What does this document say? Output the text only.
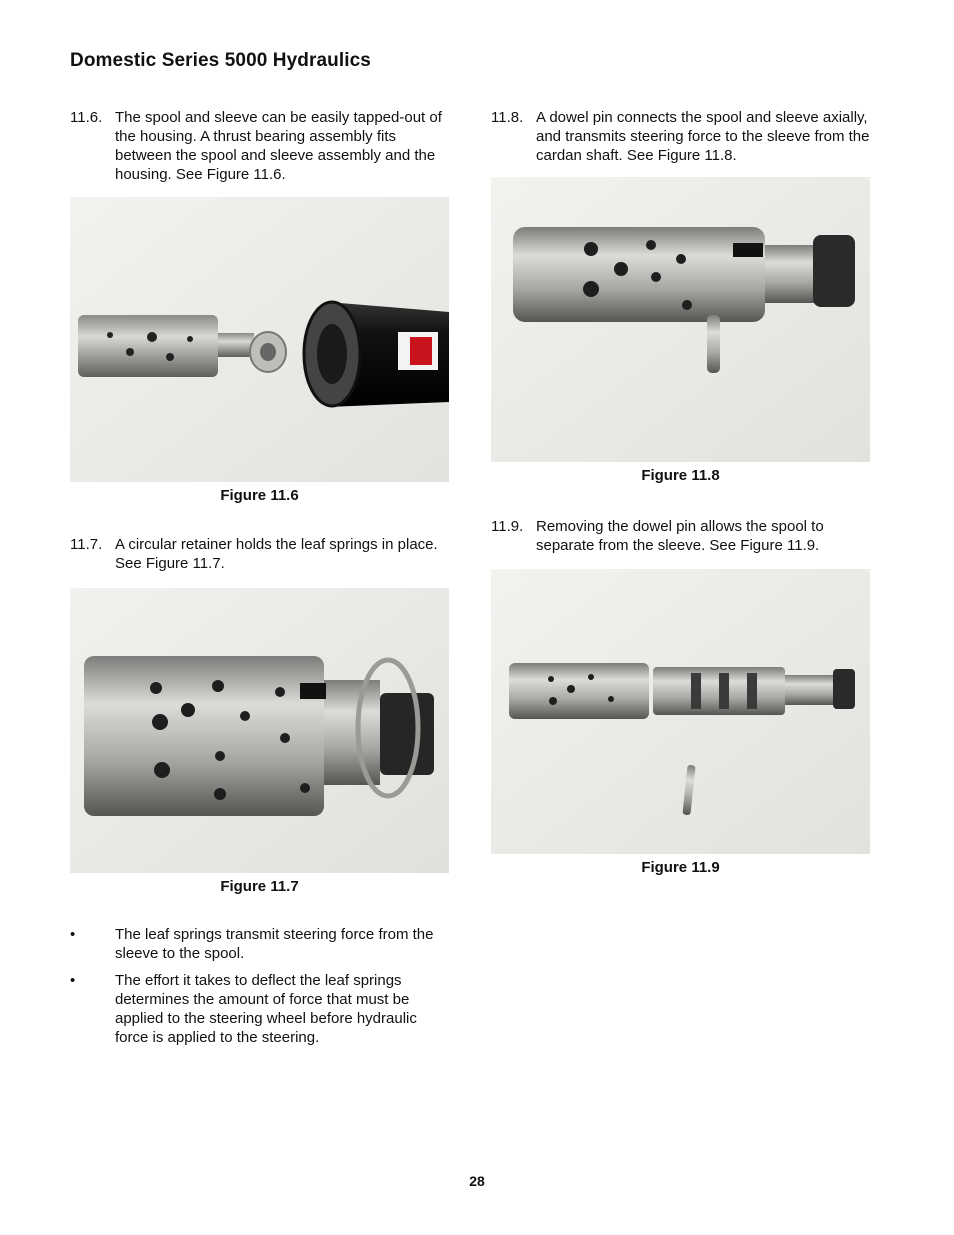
Domestic Series 5000 Hydraulics
11.6. The spool and sleeve can be easily tapped-out of the housing. A thrust bearing assembly fits between the spool and sleeve assembly and the housing. See Figure 11.6.
Figure 11.6
11.7. A circular retainer holds the leaf springs in place. See Figure 11.7.
Figure 11.7
•	The leaf springs transmit steering force from the sleeve to the spool.
•	The effort it takes to deflect the leaf springs determines the amount of force that must be applied to the steering wheel before hydraulic force is applied to the steering.
11.8. A dowel pin connects the spool and sleeve axially, and transmits steering force to the sleeve from the cardan shaft. See Figure 11.8.
Figure 11.8
11.9. Removing the dowel pin allows the spool to separate from the sleeve. See Figure 11.9.
Figure 11.9
28
